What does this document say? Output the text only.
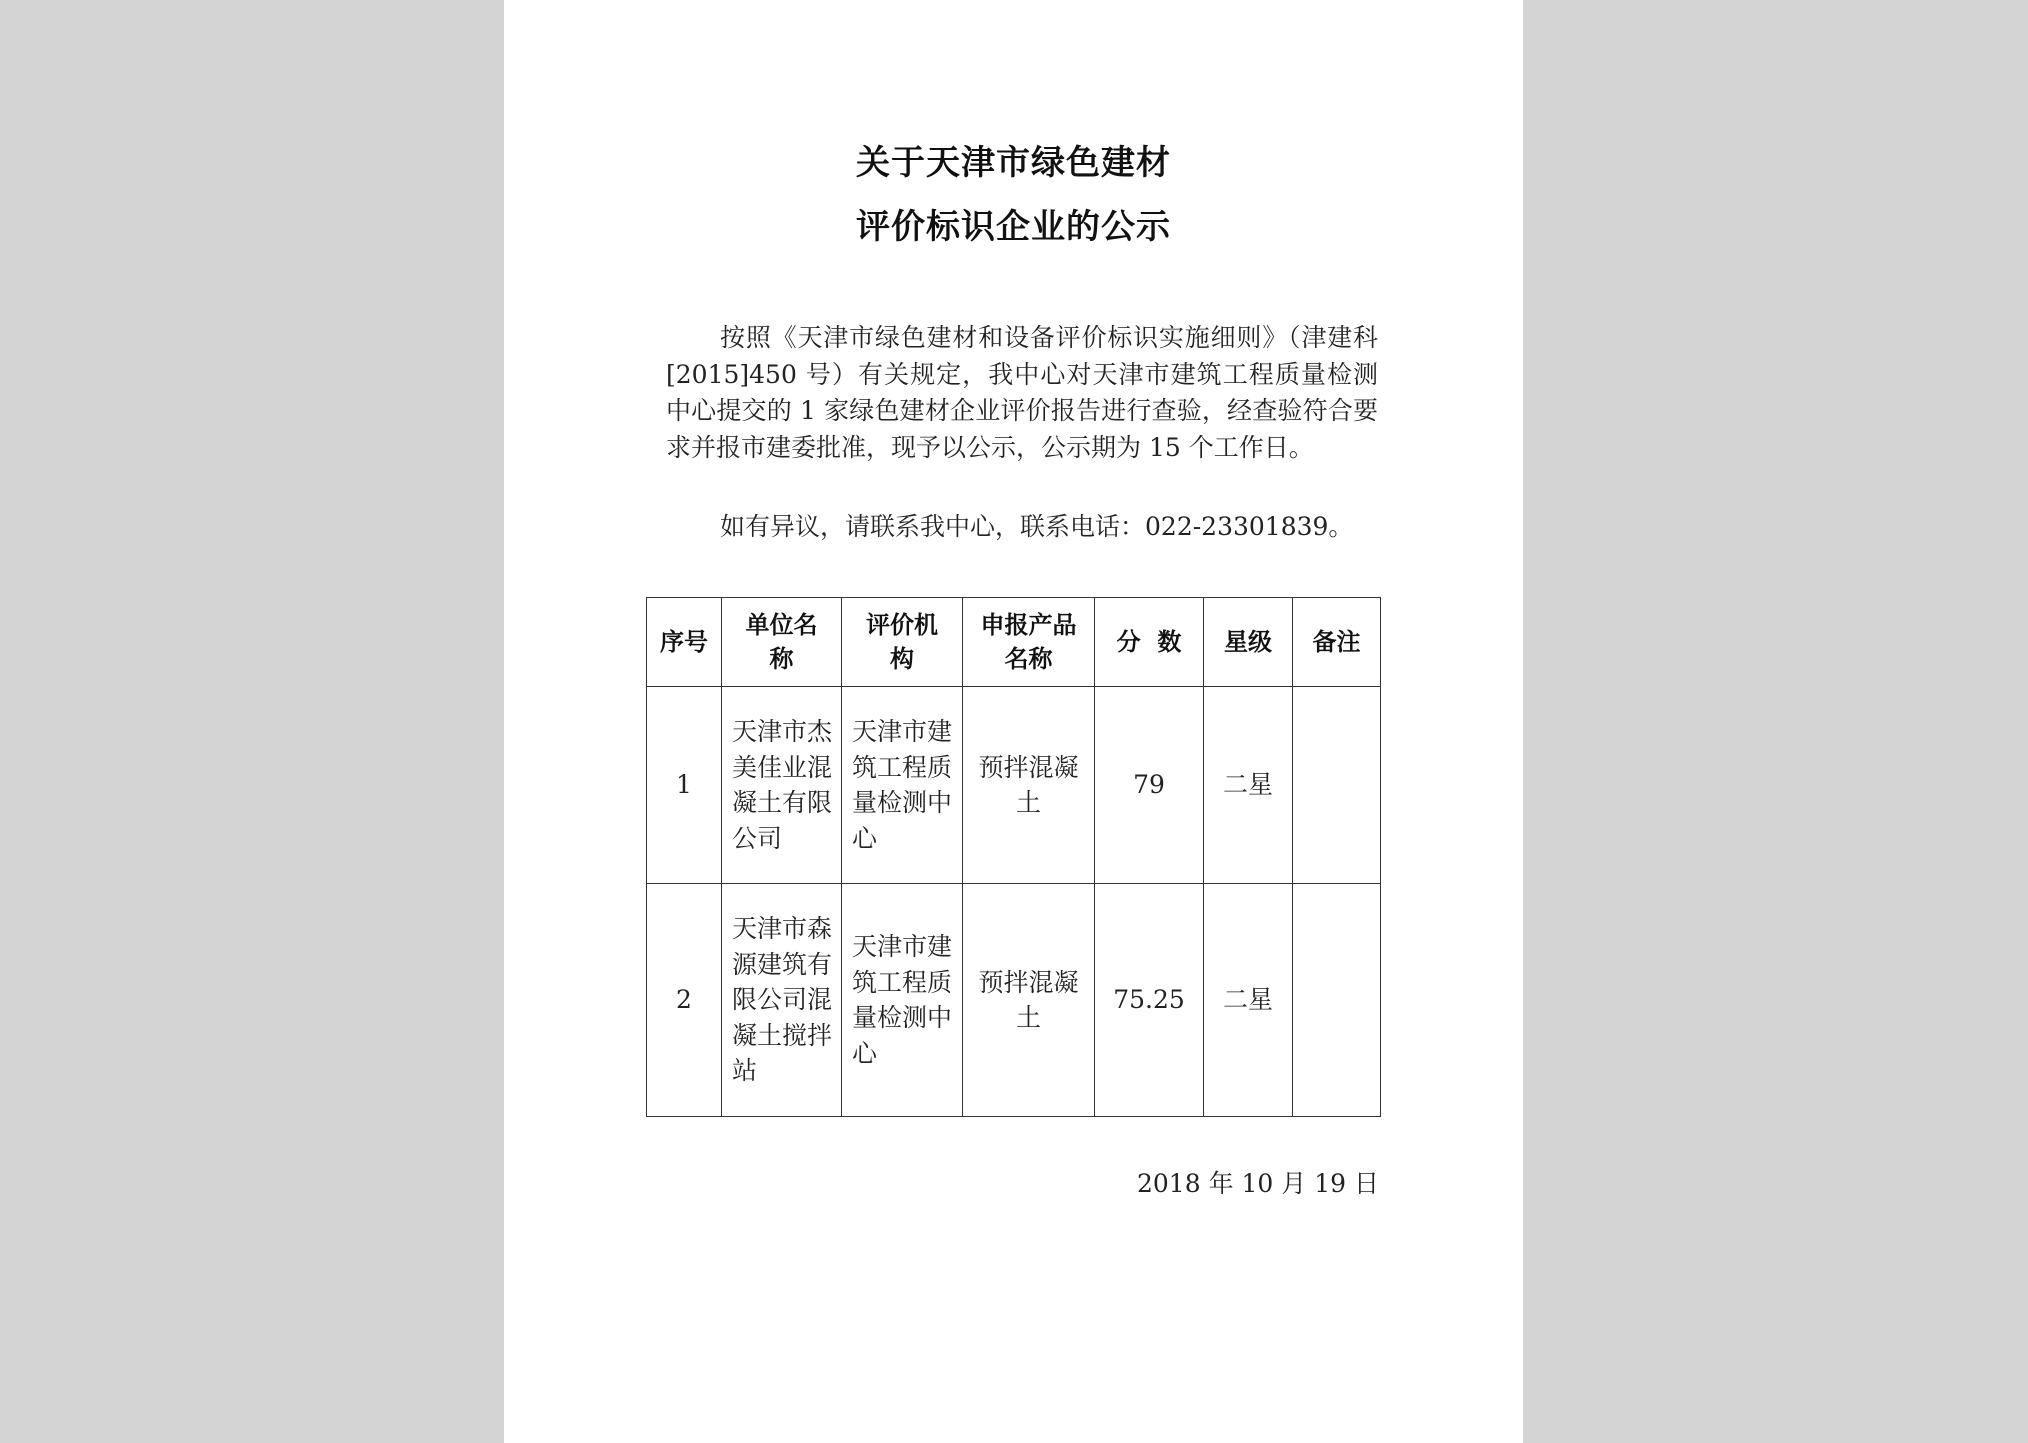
关于天津市绿色建材
评价标识企业的公示
按照《天津市绿色建材和设备评价标识实施细则》（津建科[2015]450 号）有关规定，我中心对天津市建筑工程质量检测中心提交的 1 家绿色建材企业评价报告进行查验，经查验符合要求并报市建委批准，现予以公示，公示期为 15 个工作日。
如有异议，请联系我中心，联系电话：022-23301839。
序号	单位名称	评价机构	申报产品名称	分  数	星级	备注
1	天津市杰美佳业混凝土有限公司	天津市建筑工程质量检测中心	预拌混凝土	79	二星	
2	天津市森源建筑有限公司混凝土搅拌站	天津市建筑工程质量检测中心	预拌混凝土	75.25	二星	
2018 年 10 月 19 日
